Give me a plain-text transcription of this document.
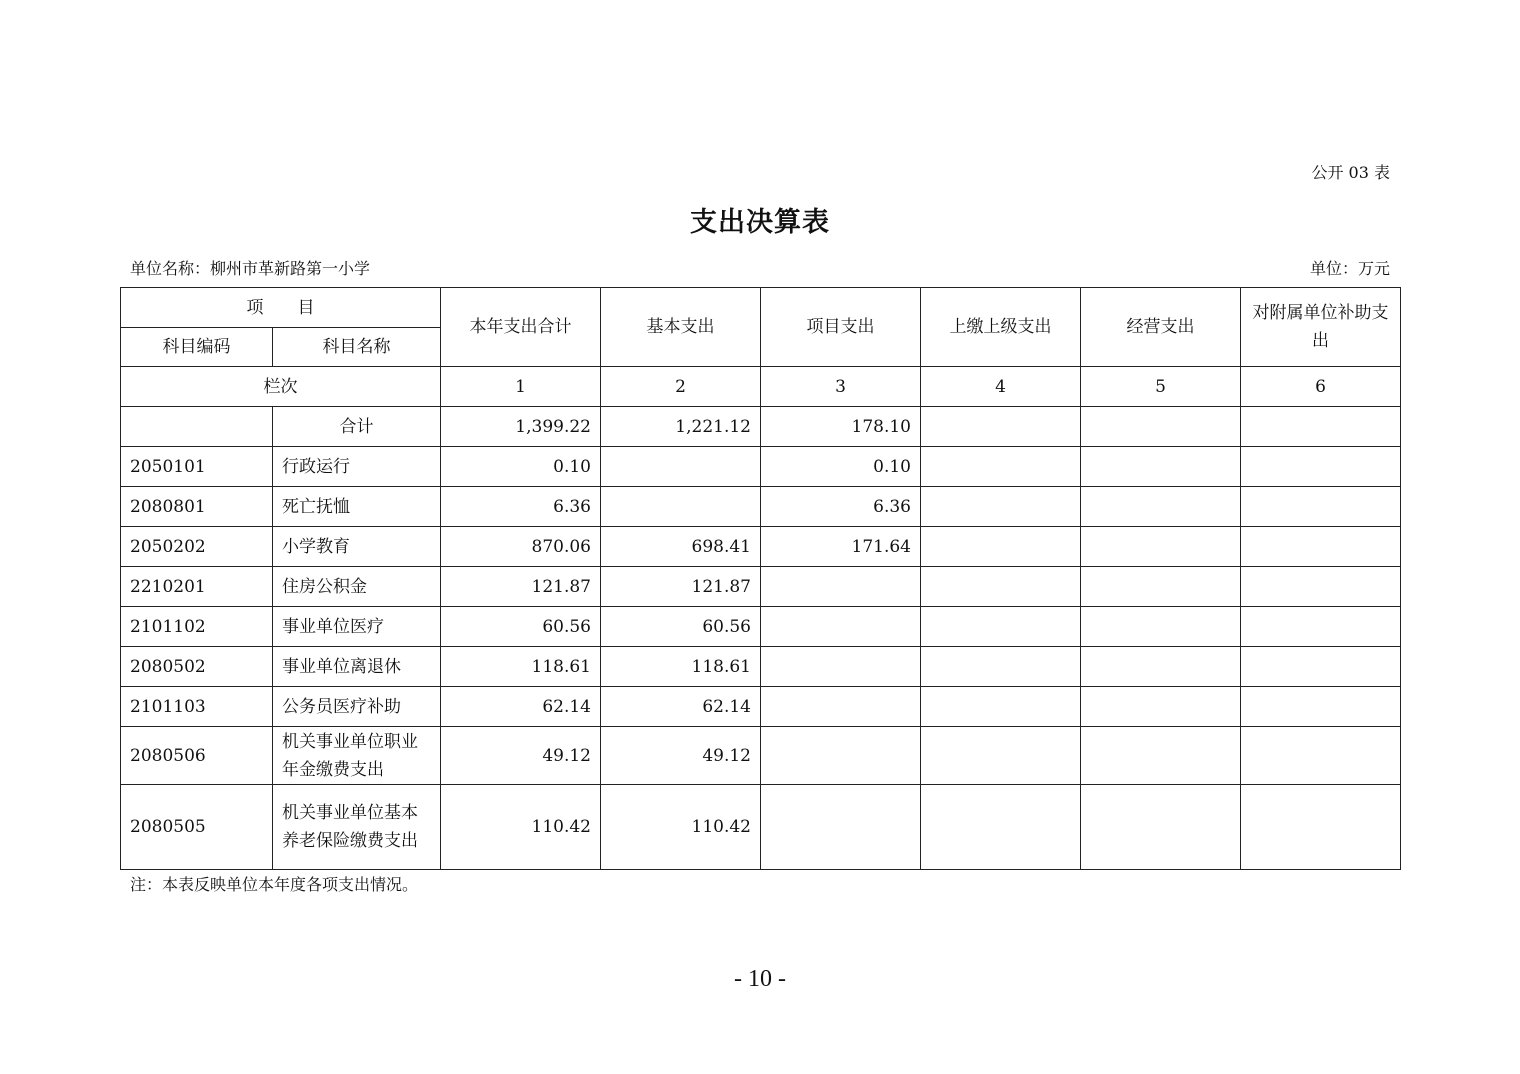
公开 03 表
支出决算表
单位名称：柳州市革新路第一小学	单位：万元
项　　目		本年支出合计	基本支出	项目支出	上缴上级支出	经营支出	对附属单位补助支出
科目编码	科目名称						
栏次		1	2	3	4	5	6
	合计	1,399.22	1,221.12	178.10			
2050101	行政运行	0.10		0.10			
2080801	死亡抚恤	6.36		6.36			
2050202	小学教育	870.06	698.41	171.64			
2210201	住房公积金	121.87	121.87				
2101102	事业单位医疗	60.56	60.56				
2080502	事业单位离退休	118.61	118.61				
2101103	公务员医疗补助	62.14	62.14				
2080506	机关事业单位职业年金缴费支出	49.12	49.12				
2080505	机关事业单位基本养老保险缴费支出	110.42	110.42				
注：本表反映单位本年度各项支出情况。
- 10 -
